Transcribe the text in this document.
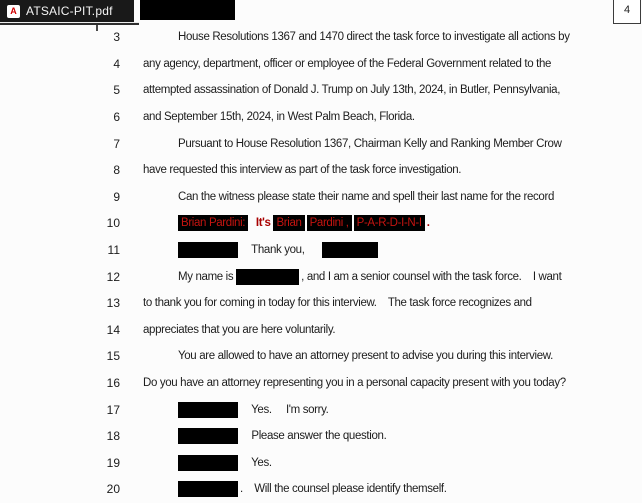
A ATSAIC-PIT.pdf	4
3	House Resolutions 1367 and 1470 direct the task force to investigate all actions by
4 any agency, department, officer or employee of the Federal Government related to the
5 attempted assassination of Donald J. Trump on July 13th, 2024, in Butler, Pennsylvania,
6 and September 15th, 2024, in West Palm Beach, Florida.
7	Pursuant to House Resolution 1367, Chairman Kelly and Ranking Member Crow
8 have requested this interview as part of the task force investigation.
9	Can the witness please state their name and spell their last name for the record
10	Brian Pardini:
It's
Brian Pardini , P-A-R-D-I-N-I .
11	Thank you,
12	My name is	, and I am a senior counsel with the task force.    I want
13 to thank you for coming in today for this interview.    The task force recognizes and
14 appreciates that you are here voluntarily.
15	You are allowed to have an attorney present to advise you during this interview.
16 Do you have an attorney representing you in a personal capacity present with you today?
17	Yes.     I'm sorry.
18	Please answer the question.
19	Yes.
20	.    Will the counsel please identify themself.
